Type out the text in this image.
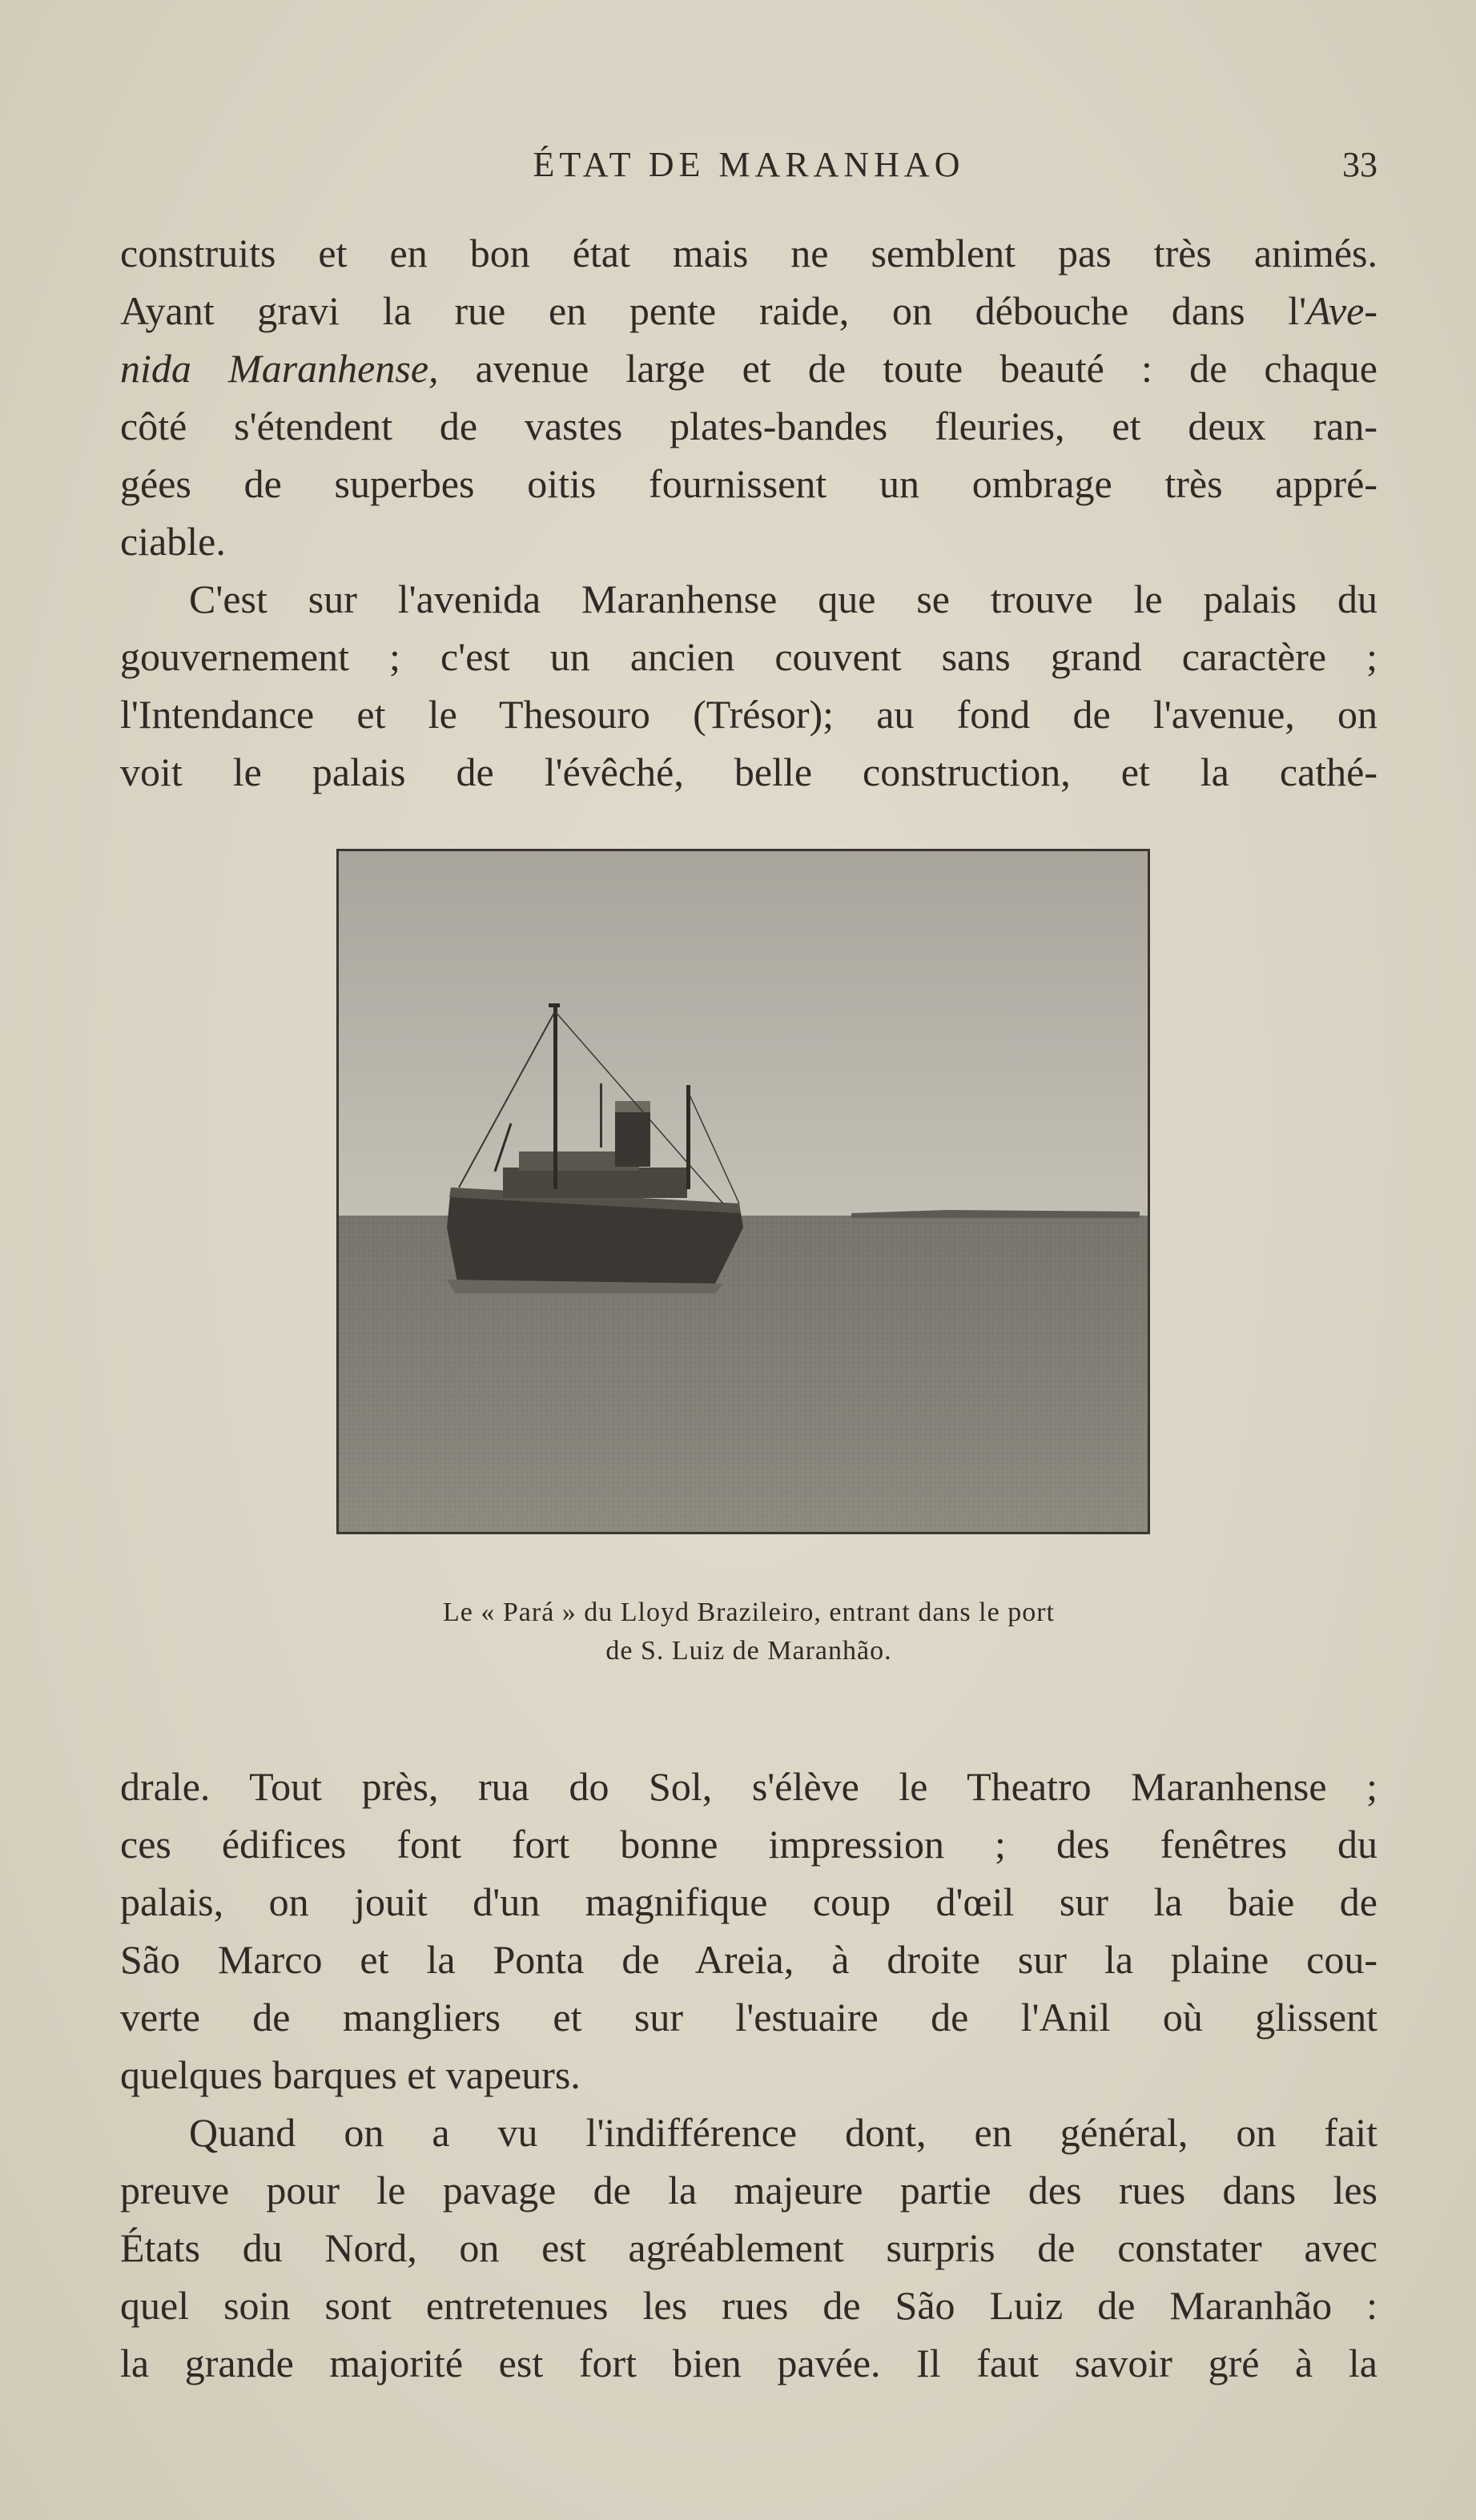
ÉTAT DE MARANHAO	33
construits et en bon état mais ne semblent pas très animés.
Ayant gravi la rue en pente raide, on débouche dans l'Ave-
nida Maranhense, avenue large et de toute beauté : de chaque
côté s'étendent de vastes plates-bandes fleuries, et deux ran-
gées de superbes oitis fournissent un ombrage très appré-
ciable.
C'est sur l'avenida Maranhense que se trouve le palais du
gouvernement ; c'est un ancien couvent sans grand caractère ;
l'Intendance et le Thesouro (Trésor); au fond de l'avenue, on
voit le palais de l'évêché, belle construction, et la cathé-
Le « Pará » du Lloyd Brazileiro, entrant dans le port
de S. Luiz de Maranhão.
drale. Tout près, rua do Sol, s'élève le Theatro Maranhense ;
ces édifices font fort bonne impression ; des fenêtres du
palais, on jouit d'un magnifique coup d'œil sur la baie de
São Marco et la Ponta de Areia, à droite sur la plaine cou-
verte de mangliers et sur l'estuaire de l'Anil où glissent
quelques barques et vapeurs.
Quand on a vu l'indifférence dont, en général, on fait
preuve pour le pavage de la majeure partie des rues dans les
États du Nord, on est agréablement surpris de constater avec
quel soin sont entretenues les rues de São Luiz de Maranhão :
la grande majorité est fort bien pavée. Il faut savoir gré à la
